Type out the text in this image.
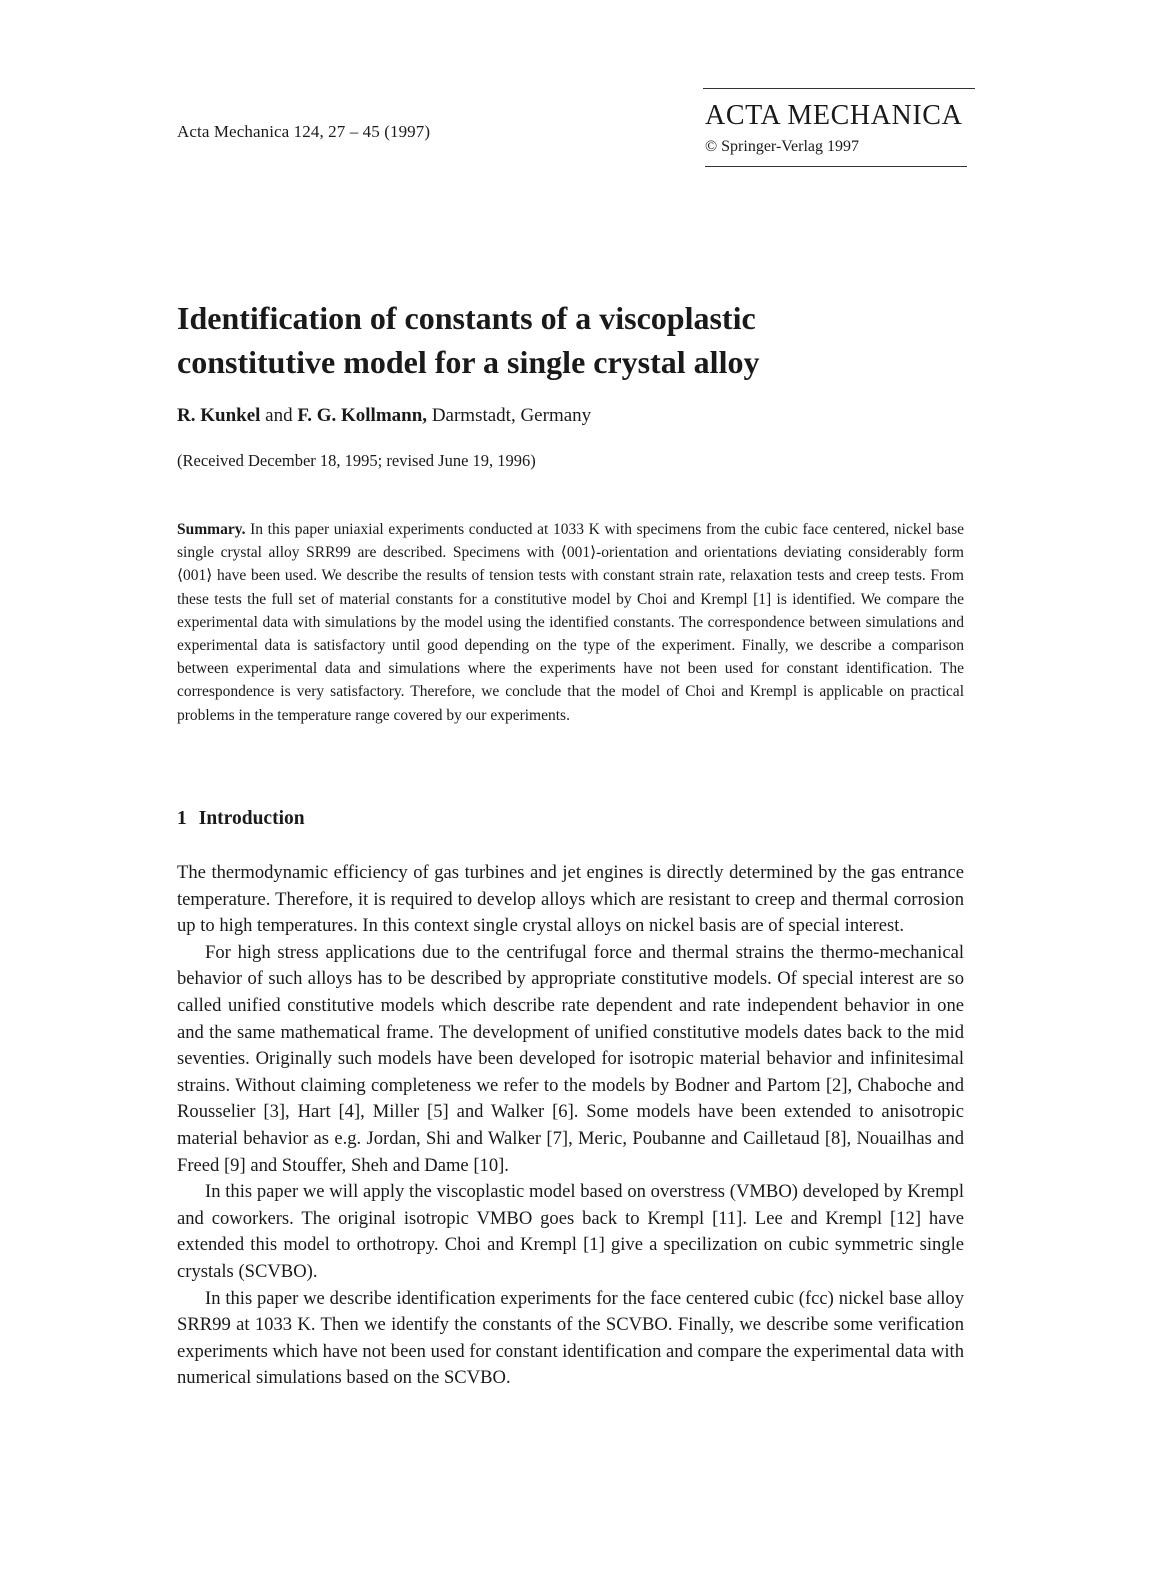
Acta Mechanica 124, 27 – 45 (1997)
ACTA MECHANICA
© Springer-Verlag 1997
Identification of constants of a viscoplastic
constitutive model for a single crystal alloy
R. Kunkel and F. G. Kollmann, Darmstadt, Germany
(Received December 18, 1995; revised June 19, 1996)

Summary. In this paper uniaxial experiments conducted at 1033 K with specimens from the cubic face centered, nickel base single crystal alloy SRR99 are described. Specimens with ⟨001⟩-orientation and orientations deviating considerably form ⟨001⟩ have been used. We describe the results of tension tests with constant strain rate, relaxation tests and creep tests. From these tests the full set of material constants for a constitutive model by Choi and Krempl [1] is identified. We compare the experimental data with simulations by the model using the identified constants. The correspondence between simulations and experimental data is satisfactory until good depending on the type of the experiment. Finally, we describe a comparison between experimental data and simulations where the experiments have not been used for constant identification. The correspondence is very satisfactory. Therefore, we conclude that the model of Choi and Krempl is applicable on practical problems in the temperature range covered by our experiments.

1 Introduction

The thermodynamic efficiency of gas turbines and jet engines is directly determined by the gas entrance temperature. Therefore, it is required to develop alloys which are resistant to creep and thermal corrosion up to high temperatures. In this context single crystal alloys on nickel basis are of special interest.

For high stress applications due to the centrifugal force and thermal strains the thermo-mechanical behavior of such alloys has to be described by appropriate constitutive models. Of special interest are so called unified constitutive models which describe rate dependent and rate independent behavior in one and the same mathematical frame. The development of unified constitutive models dates back to the mid seventies. Originally such models have been developed for isotropic material behavior and infinitesimal strains. Without claiming completeness we refer to the models by Bodner and Partom [2], Chaboche and Rousselier [3], Hart [4], Miller [5] and Walker [6]. Some models have been extended to anisotropic material behavior as e.g. Jordan, Shi and Walker [7], Meric, Poubanne and Cailletaud [8], Nouailhas and Freed [9] and Stouffer, Sheh and Dame [10].

In this paper we will apply the viscoplastic model based on overstress (VMBO) developed by Krempl and coworkers. The original isotropic VMBO goes back to Krempl [11]. Lee and Krempl [12] have extended this model to orthotropy. Choi and Krempl [1] give a specilization on cubic symmetric single crystals (SCVBO).

In this paper we describe identification experiments for the face centered cubic (fcc) nickel base alloy SRR99 at 1033 K. Then we identify the constants of the SCVBO. Finally, we describe some verification experiments which have not been used for constant identification and compare the experimental data with numerical simulations based on the SCVBO.
